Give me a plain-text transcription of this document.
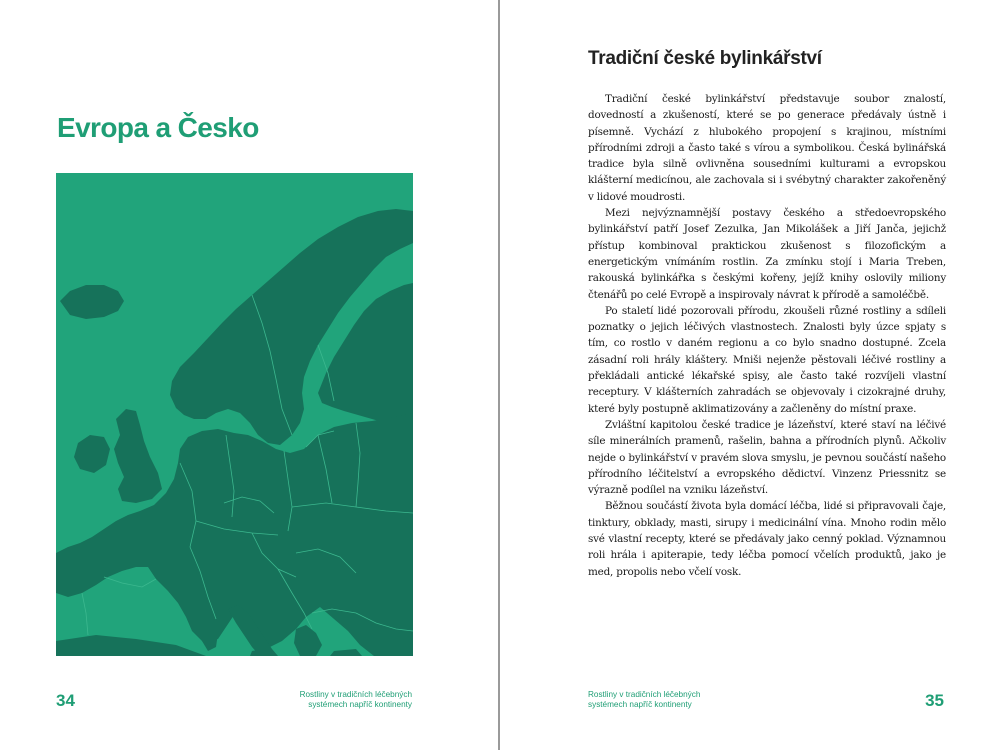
Evropa a Česko
34	Rostliny v tradičních léčebných
systémech napříč kontinenty
Tradiční české bylinkářství

Tradiční české bylinkářství představuje soubor znalostí, dovedností a zkušeností, které se po generace předávaly ústně i písemně. Vychází z hlubokého propojení s krajinou, místními přírodními zdroji a často také s vírou a symbolikou. Česká bylinářská tradice byla silně ovlivněna sousedními kulturami a evropskou klášterní medicínou, ale zachovala si i svébytný charakter zakořeněný v lidové moudrosti.

Mezi nejvýznamnější postavy českého a středoevropského bylinkářství patří Josef Zezulka, Jan Mikolášek a Jiří Janča, jejichž přístup kombinoval praktickou zkušenost s filozofickým a energetickým vnímáním rostlin. Za zmínku stojí i Maria Treben, rakouská bylinkářka s českými kořeny, jejíž knihy oslovily miliony čtenářů po celé Evropě a inspirovaly návrat k přírodě a samoléčbě.

Po staletí lidé pozorovali přírodu, zkoušeli různé rostliny a sdíleli poznatky o jejich léčivých vlastnostech. Znalosti byly úzce spjaty s tím, co rostlo v daném regionu a co bylo snadno dostupné. Zcela zásadní roli hrály kláštery. Mniši nejenže pěstovali léčivé rostliny a překládali antické lékařské spisy, ale často také rozvíjeli vlastní receptury. V klášterních zahradách se objevovaly i cizokrajné druhy, které byly postupně aklimatizovány a začleněny do místní praxe.

Zvláštní kapitolou české tradice je lázeňství, které staví na léčivé síle minerálních pramenů, rašelin, bahna a přírodních plynů. Ačkoliv nejde o bylinkářství v pravém slova smyslu, je pevnou součástí našeho přírodního léčitelství a evropského dědictví. Vinzenz Priessnitz se výrazně podílel na vzniku lázeňství.

Běžnou součástí života byla domácí léčba, lidé si připravovali čaje, tinktury, obklady, masti, sirupy i medicinální vína. Mnoho rodin mělo své vlastní recepty, které se předávaly jako cenný poklad. Významnou roli hrála i apiterapie, tedy léčba pomocí včelích produktů, jako je med, propolis nebo včelí vosk.

Rostliny v tradičních léčebných
systémech napříč kontinenty	35
